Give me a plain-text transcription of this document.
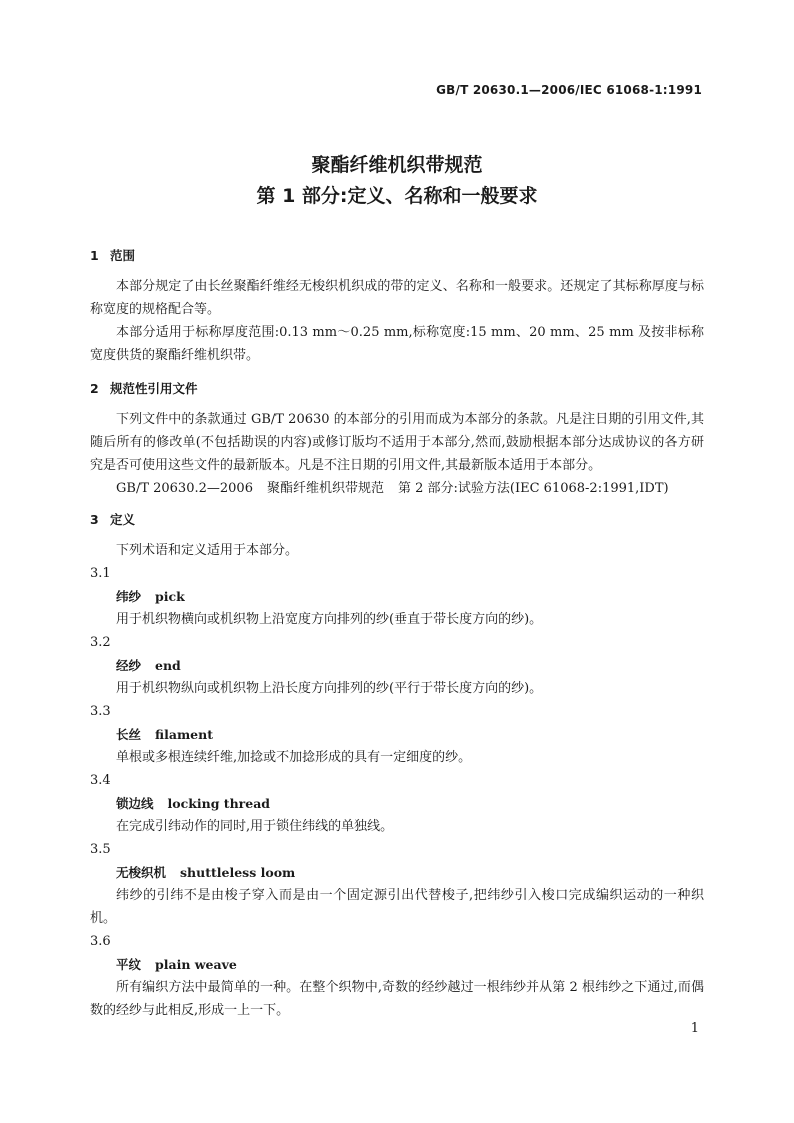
GB/T 20630.1—2006/IEC 61068-1:1991
聚酯纤维机织带规范
第 1 部分:定义、名称和一般要求
1 范围

本部分规定了由长丝聚酯纤维经无梭织机织成的带的定义、名称和一般要求。还规定了其标称厚度与标称宽度的规格配合等。

本部分适用于标称厚度范围:0.13 mm～0.25 mm,标称宽度:15 mm、20 mm、25 mm 及按非标称宽度供货的聚酯纤维机织带。

2 规范性引用文件

下列文件中的条款通过 GB/T 20630 的本部分的引用而成为本部分的条款。凡是注日期的引用文件,其随后所有的修改单(不包括勘误的内容)或修订版均不适用于本部分,然而,鼓励根据本部分达成协议的各方研究是否可使用这些文件的最新版本。凡是不注日期的引用文件,其最新版本适用于本部分。

GB/T 20630.2—2006 聚酯纤维机织带规范 第 2 部分:试验方法(IEC 61068-2:1991,IDT)
3 定义

下列术语和定义适用于本部分。

3.1
纬纱 pick

用于机织物横向或机织物上沿宽度方向排列的纱(垂直于带长度方向的纱)。

3.2
经纱 end

用于机织物纵向或机织物上沿长度方向排列的纱(平行于带长度方向的纱)。

3.3
长丝 filament

单根或多根连续纤维,加捻或不加捻形成的具有一定细度的纱。

3.4
锁边线 locking thread

在完成引纬动作的同时,用于锁住纬线的单独线。

3.5
无梭织机 shuttleless loom

纬纱的引纬不是由梭子穿入而是由一个固定源引出代替梭子,把纬纱引入梭口完成编织运动的一种织机。

3.6
平纹 plain weave

所有编织方法中最简单的一种。在整个织物中,奇数的经纱越过一根纬纱并从第 2 根纬纱之下通过,而偶数的经纱与此相反,形成一上一下。

1
